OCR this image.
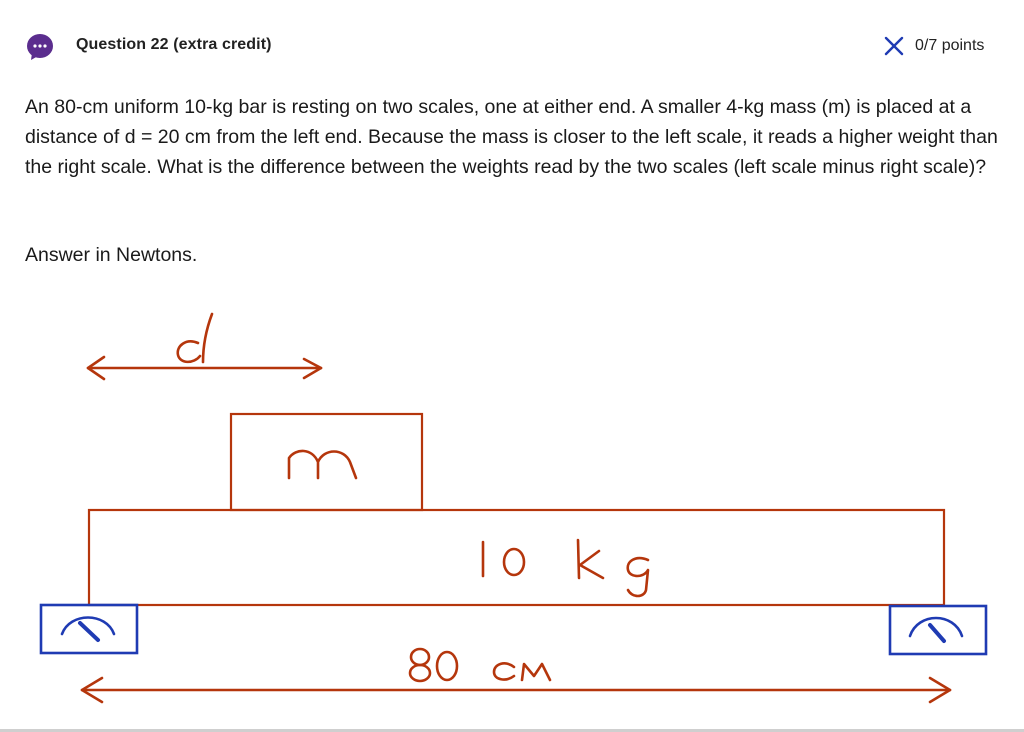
Question 22 (extra credit)	0/7 points
An 80-cm uniform 10-kg bar is resting on two scales, one at either end. A smaller 4-kg mass (m) is placed at a distance of d = 20 cm from the left end. Because the mass is closer to the left scale, it reads a higher weight than the right scale. What is the difference between the weights read by the two scales (left scale minus right scale)?
Answer in Newtons.
